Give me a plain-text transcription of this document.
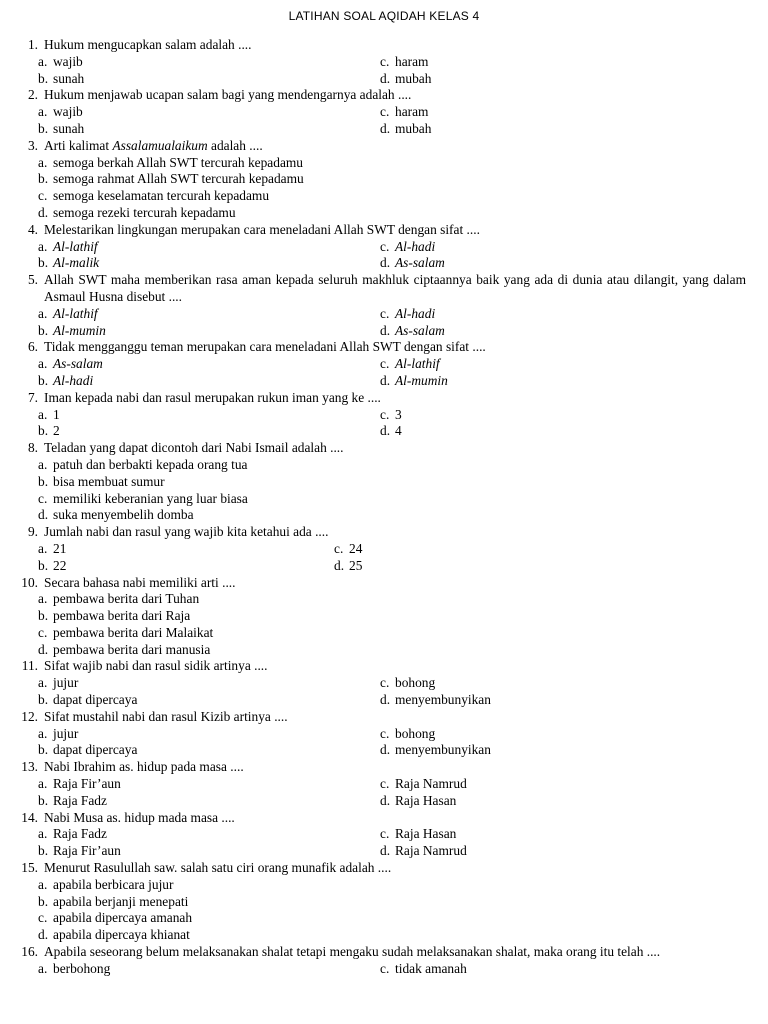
LATIHAN SOAL AQIDAH KELAS 4
1. Hukum mengucapkan salam adalah ....
a. wajib	c. haram
b. sunah	d. mubah
2. Hukum menjawab ucapan salam bagi yang mendengarnya adalah ....
a. wajib	c. haram
b. sunah	d. mubah
3. Arti kalimat Assalamualaikum adalah ....
a. semoga berkah Allah SWT tercurah kepadamu
b. semoga rahmat Allah SWT tercurah kepadamu
c. semoga keselamatan tercurah kepadamu
d. semoga rezeki tercurah kepadamu
4. Melestarikan lingkungan merupakan cara meneladani Allah SWT dengan sifat ....
a. Al-lathif	c. Al-hadi
b. Al-malik	d. As-salam
5. Allah SWT maha memberikan rasa aman kepada seluruh makhluk ciptaannya baik yang ada di dunia atau dilangit, yang dalam Asmaul Husna disebut ....
a. Al-lathif	c. Al-hadi
b. Al-mumin	d. As-salam
6. Tidak mengganggu teman merupakan cara meneladani Allah SWT dengan sifat ....
a. As-salam	c. Al-lathif
b. Al-hadi	d. Al-mumin
7. Iman kepada nabi dan rasul merupakan rukun iman yang ke ....
a. 1	c. 3
b. 2	d. 4
8. Teladan yang dapat dicontoh dari Nabi Ismail adalah ....
a. patuh dan berbakti kepada orang tua
b. bisa membuat sumur
c. memiliki keberanian yang luar biasa
d. suka menyembelih domba
9. Jumlah nabi dan rasul yang wajib kita ketahui ada ....
a. 21	c. 24
b. 22	d. 25
10. Secara bahasa nabi memiliki arti ....
a. pembawa berita dari Tuhan
b. pembawa berita dari Raja
c. pembawa berita dari Malaikat
d. pembawa berita dari manusia
11. Sifat wajib nabi dan rasul sidik artinya ....
a. jujur	c. bohong
b. dapat dipercaya	d. menyembunyikan
12. Sifat mustahil nabi dan rasul Kizib artinya ....
a. jujur	c. bohong
b. dapat dipercaya	d. menyembunyikan
13. Nabi Ibrahim as. hidup pada masa ....
a. Raja Fir’aun	c. Raja Namrud
b. Raja Fadz	d. Raja Hasan
14. Nabi Musa as. hidup mada masa ....
a. Raja Fadz	c. Raja Hasan
b. Raja Fir’aun	d. Raja Namrud
15. Menurut Rasulullah saw. salah satu ciri orang munafik adalah ....
a. apabila berbicara jujur
b. apabila berjanji menepati
c. apabila dipercaya amanah
d. apabila dipercaya khianat
16. Apabila seseorang belum melaksanakan shalat tetapi mengaku sudah melaksanakan shalat, maka orang itu telah ....
a. berbohong	c. tidak amanah
